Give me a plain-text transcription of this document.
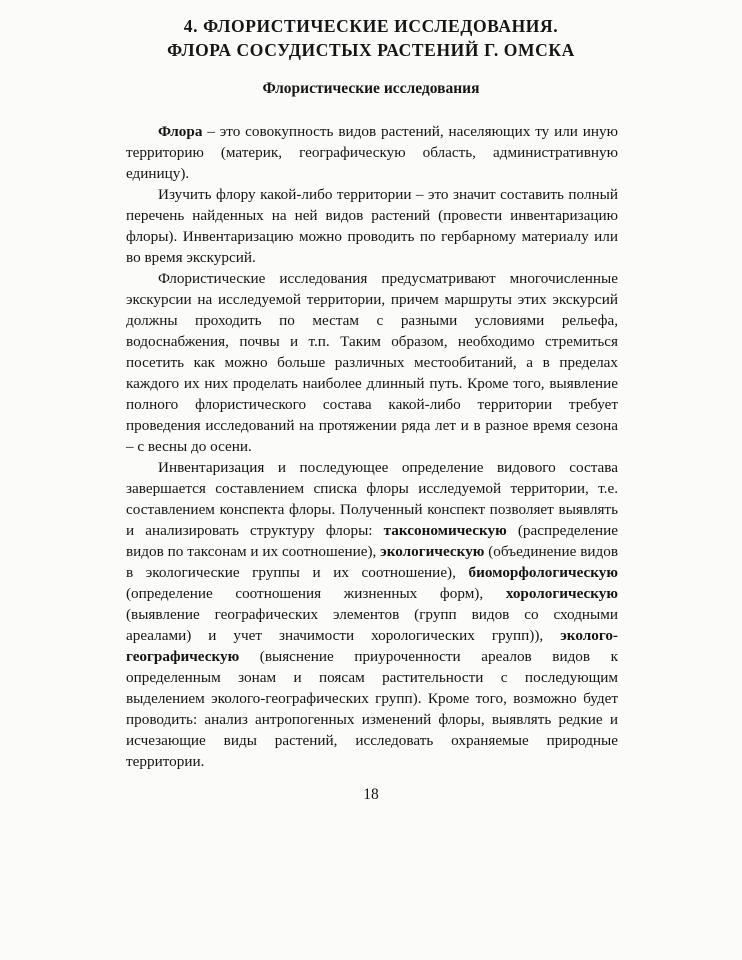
4. ФЛОРИСТИЧЕСКИЕ ИССЛЕДОВАНИЯ.
ФЛОРА СОСУДИСТЫХ РАСТЕНИЙ Г. ОМСКА
Флористические исследования

Флора – это совокупность видов растений, населяющих ту или иную территорию (материк, географическую область, административную единицу).

Изучить флору какой-либо территории – это значит составить полный перечень найденных на ней видов растений (провести инвентаризацию флоры). Инвентаризацию можно проводить по гербарному материалу или во время экскурсий.

Флористические исследования предусматривают многочисленные экскурсии на исследуемой территории, причем маршруты этих экскурсий должны проходить по местам с разными условиями рельефа, водоснабжения, почвы и т.п. Таким образом, необходимо стремиться посетить как можно больше различных местообитаний, а в пределах каждого их них проделать наиболее длинный путь. Кроме того, выявление полного флористического состава какой-либо территории требует проведения исследований на протяжении ряда лет и в разное время сезона – с весны до осени.

Инвентаризация и последующее определение видового состава завершается составлением списка флоры исследуемой территории, т.е. составлением конспекта флоры. Полученный конспект позволяет выявлять и анализировать структуру флоры: таксономическую (распределение видов по таксонам и их соотношение), экологическую (объединение видов в экологические группы и их соотношение), биоморфологическую (определение соотношения жизненных форм), хорологическую (выявление географических элементов (групп видов со сходными ареалами) и учет значимости хорологических групп)), эколого-географическую (выяснение приуроченности ареалов видов к определенным зонам и поясам растительности с последующим выделением эколого-географических групп). Кроме того, возможно будет проводить: анализ антропогенных изменений флоры, выявлять редкие и исчезающие виды растений, исследовать охраняемые природные территории.

18
